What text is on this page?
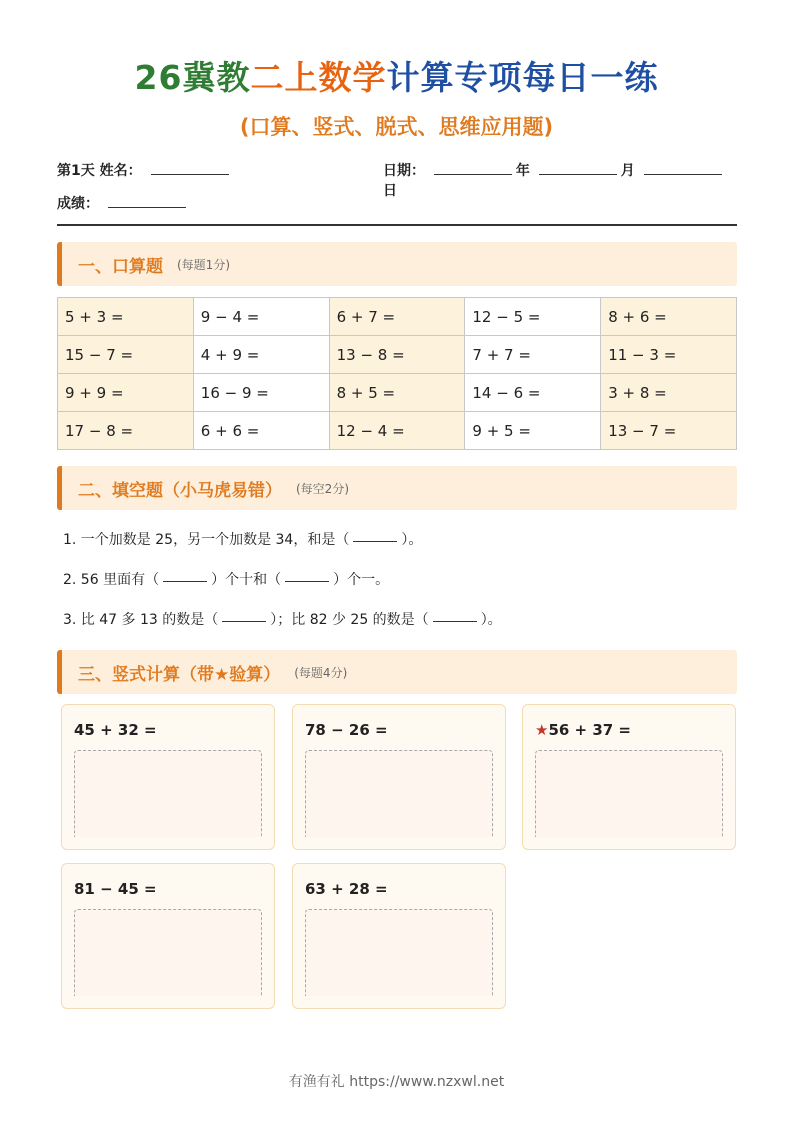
26冀教二上数学计算专项每日一练
(口算、竖式、脱式、思维应用题)
第1天 姓名：	日期：	年	月 日
成绩：
一、口算题 (每题1分)
5 + 3 =	9 − 4 =	6 + 7 =	12 − 5 =	8 + 6 =
15 − 7 =	4 + 9 =	13 − 8 =	7 + 7 =	11 − 3 =
9 + 9 =	16 − 9 =	8 + 5 =	14 − 6 =	3 + 8 =
17 − 8 =	6 + 6 =	12 − 4 =	9 + 5 =	13 − 7 =
二、填空题（小马虎易错） (每空2分)
1. 一个加数是 25，另一个加数是 34，和是（	）。
2. 56 里面有（	）个十和（	）个一。
3. 比 47 多 13 的数是（	）；比 82 少 25 的数是（	）。
三、竖式计算（带★验算） (每题4分)
45 + 32 =	78 − 26 =	★56 + 37 =
81 − 45 =	63 + 28 =
有渔有礼 https://www.nzxwl.net
